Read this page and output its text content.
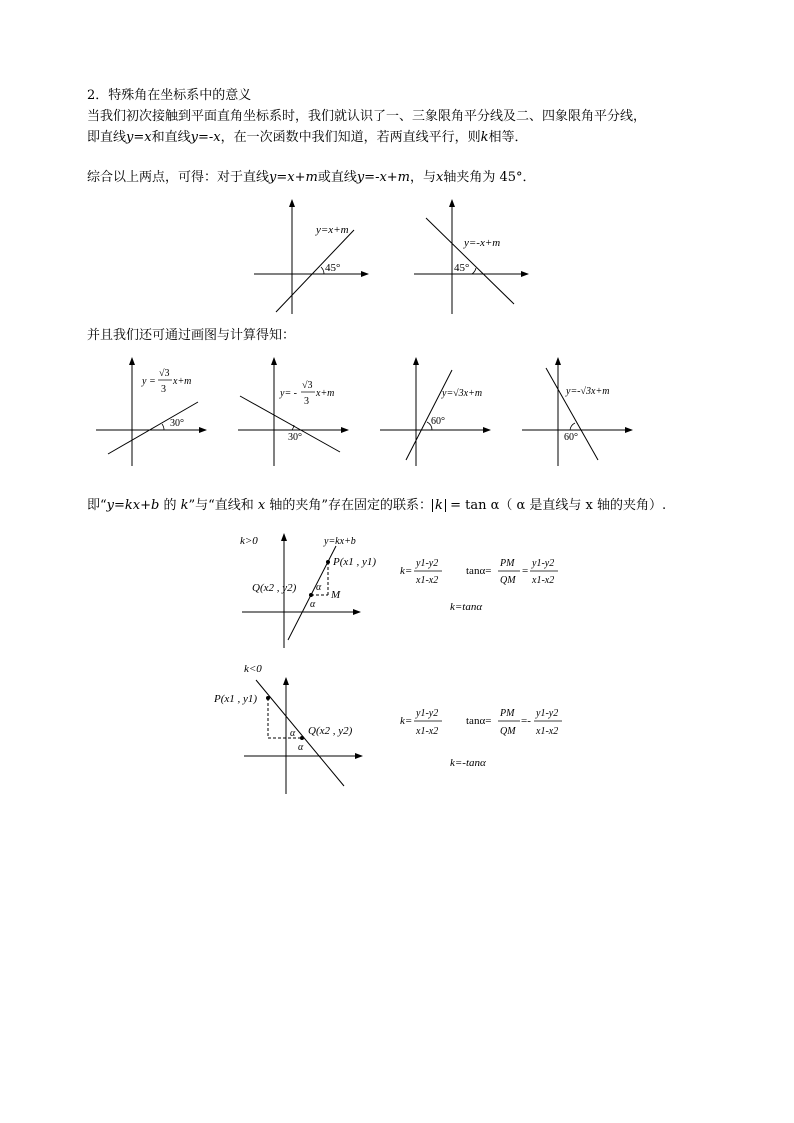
2．特殊角在坐标系中的意义
当我们初次接触到平面直角坐标系时，我们就认识了一、三象限角平分线及二、四象限角平分线，
即直线y=x和直线y=-x，在一次函数中我们知道，若两直线平行，则k相等．
综合以上两点，可得：对于直线y=x+m或直线y=-x+m，与x轴夹角为 45°．
并且我们还可通过画图与计算得知：
即“y=kx+b 的 k”与“直线和 x 轴的夹角”存在固定的联系： k = tan α（ α 是直线与 x 轴的夹角）.
y=x+m
45°
y=-x+m
45°
y =
√3
3
x+m
30°
y= -
√3
3
x+m
30°
y=√3x+m
60°
y=-√3x+m
60°
k>0	y=kx+b
P(x1 , y1)
Q(x2 , y2)
M
α
α
k=
y1-y2
x1-x2
tanα=
PM
QM
=
y1-y2
x1-x2
k=tanα
k<0
P(x1 , y1)
Q(x2 , y2)
α
α
k=
y1-y2
x1-x2
tanα=
PM
QM
=-
y1-y2
x1-x2
k=-tanα
